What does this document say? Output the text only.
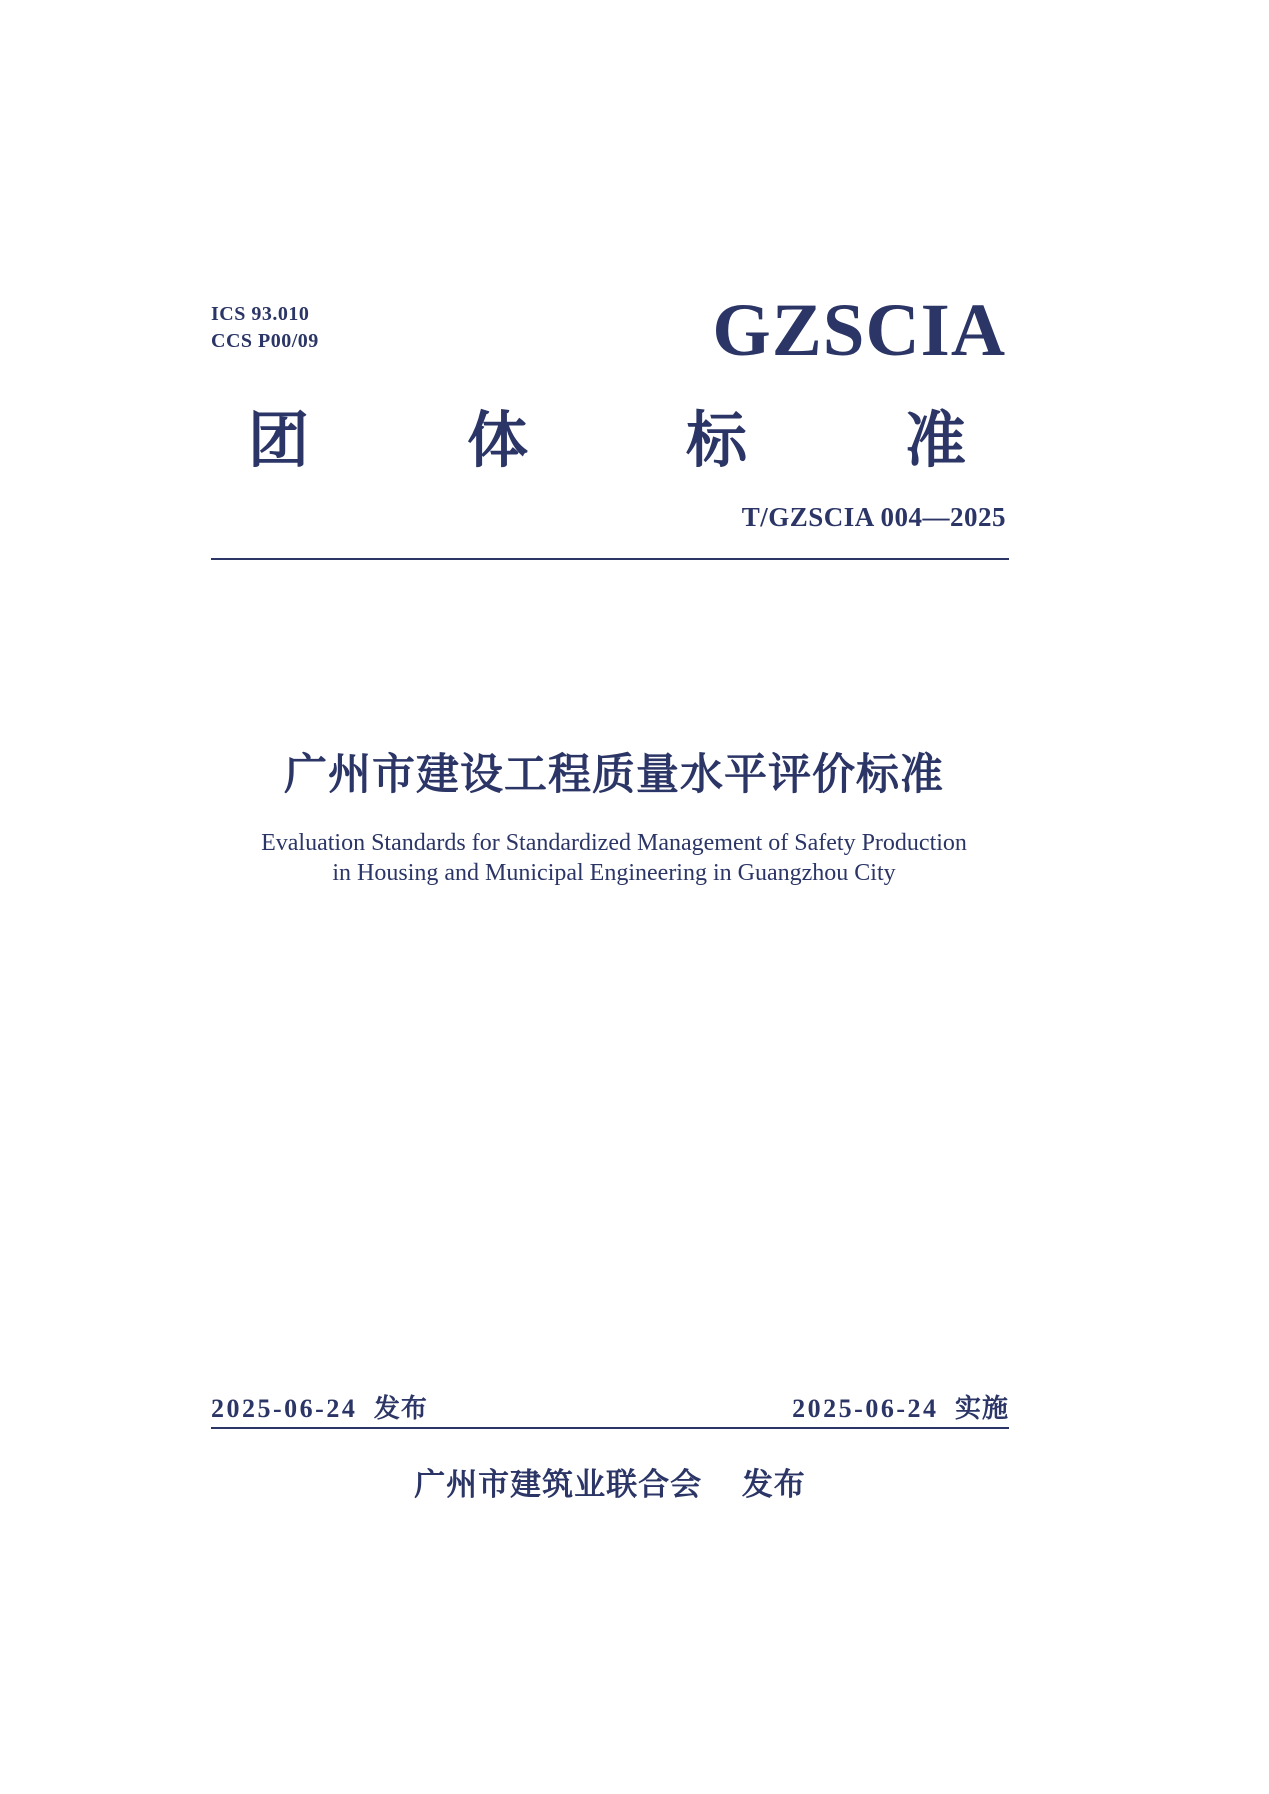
ICS 93.010
CCS P00/09	GZSCIA
团	体	标	准
T/GZSCIA 004—2025
广州市建设工程质量水平评价标准
Evaluation Standards for Standardized Management of Safety Production
in Housing and Municipal Engineering in Guangzhou City
2025-06-24 发布	2025-06-24 实施
广州市建筑业联合会 发布
